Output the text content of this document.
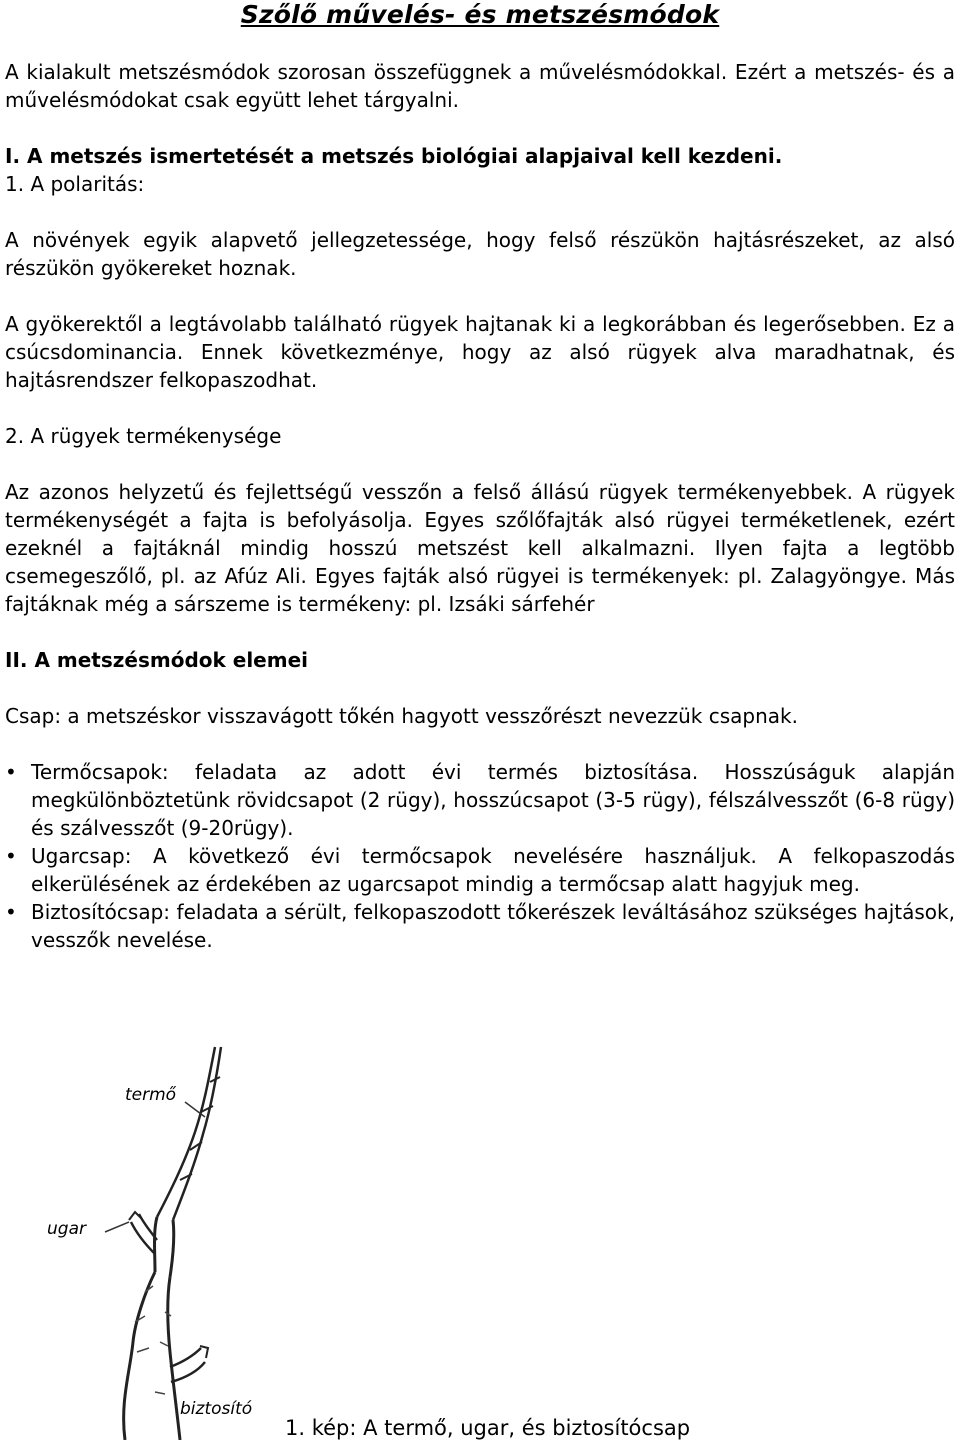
Szőlő művelés- és metszésmódok

A kialakult metszésmódok szorosan összefüggnek a művelésmódokkal. Ezért a metszés- és a művelésmódokat csak együtt lehet tárgyalni.

I. A metszés ismertetését a metszés biológiai alapjaival kell kezdeni.

1. A polaritás:

A növények egyik alapvető jellegzetessége, hogy felső részükön hajtásrészeket, az alsó részükön gyökereket hoznak.

A gyökerektől a legtávolabb található rügyek hajtanak ki a legkorábban és legerősebben. Ez a csúcsdominancia. Ennek következménye, hogy az alsó rügyek alva maradhatnak, és hajtásrendszer felkopaszodhat.

2. A rügyek termékenysége

Az azonos helyzetű és fejlettségű vesszőn a felső állású rügyek termékenyebbek. A rügyek termékenységét a fajta is befolyásolja. Egyes szőlőfajták alsó rügyei terméketlenek, ezért ezeknél a fajtáknál mindig hosszú metszést kell alkalmazni. Ilyen fajta a legtöbb csemegeszőlő, pl. az Afúz Ali. Egyes fajták alsó rügyei is termékenyek: pl. Zalagyöngye. Más fajtáknak még a sárszeme is termékeny: pl. Izsáki sárfehér

II. A metszésmódok elemei

Csap: a metszéskor visszavágott tőkén hagyott vesszőrészt nevezzük csapnak.

• Termőcsapok: feladata az adott évi termés biztosítása. Hosszúságuk alapján megkülönböztetünk rövidcsapot (2 rügy), hosszúcsapot (3-5 rügy), félszálvesszőt (6-8 rügy) és szálvesszőt (9-20rügy).
• Ugarcsap: A következő évi termőcsapok nevelésére használjuk. A felkopaszodás elkerülésének az érdekében az ugarcsapot mindig a termőcsap alatt hagyjuk meg.
• Biztosítócsap: feladata a sérült, felkopaszodott tőkerészek leváltásához szükséges hajtások, vesszők nevelése.
termő
ugar
biztosító
1. kép: A termő, ugar, és biztosítócsap
